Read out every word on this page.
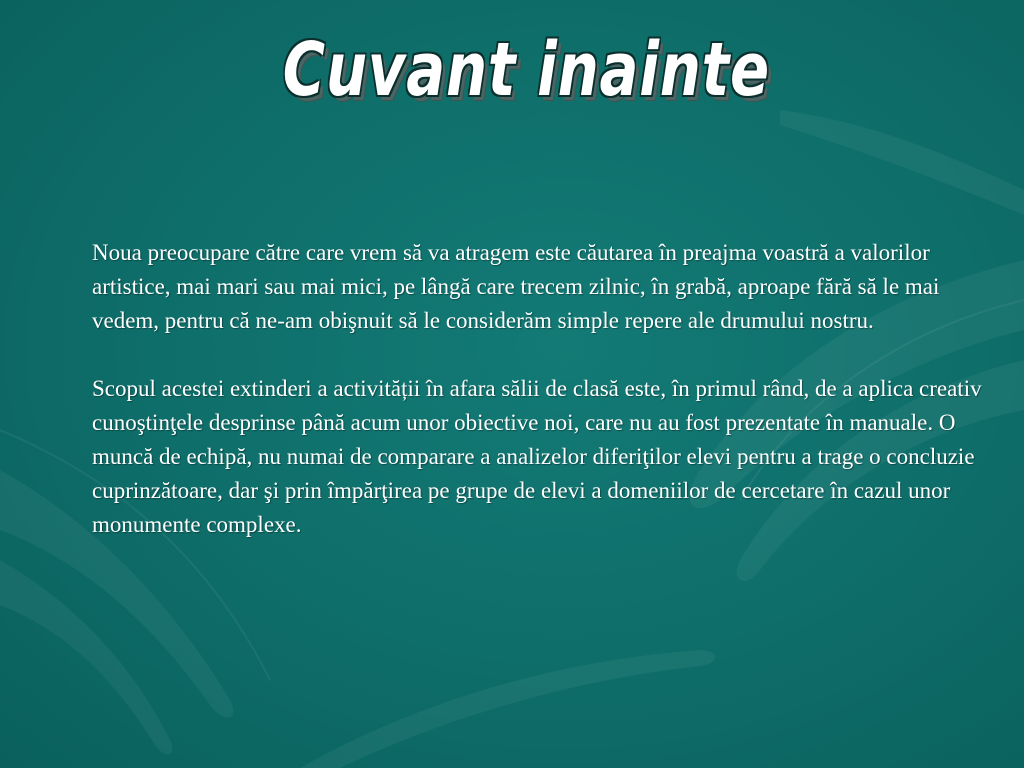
Cuvant inainte

Noua preocupare către care vrem să va atragem este căutarea în preajma voastră a valorilor artistice, mai mari sau mai mici, pe lângă care trecem zilnic, în grabă, aproape fără să le mai vedem, pentru că ne-am obişnuit să le considerăm simple repere ale drumului nostru.

Scopul acestei extinderi a activității în afara sălii de clasă este, în primul rând, de a aplica creativ cunoştinţele desprinse până acum unor obiective noi, care nu au fost prezentate în manuale. O muncă de echipă, nu numai de comparare a analizelor diferiţilor elevi pentru a trage o concluzie cuprinzătoare, dar şi prin împărţirea pe grupe de elevi a domeniilor de cercetare în cazul unor monumente complexe.
